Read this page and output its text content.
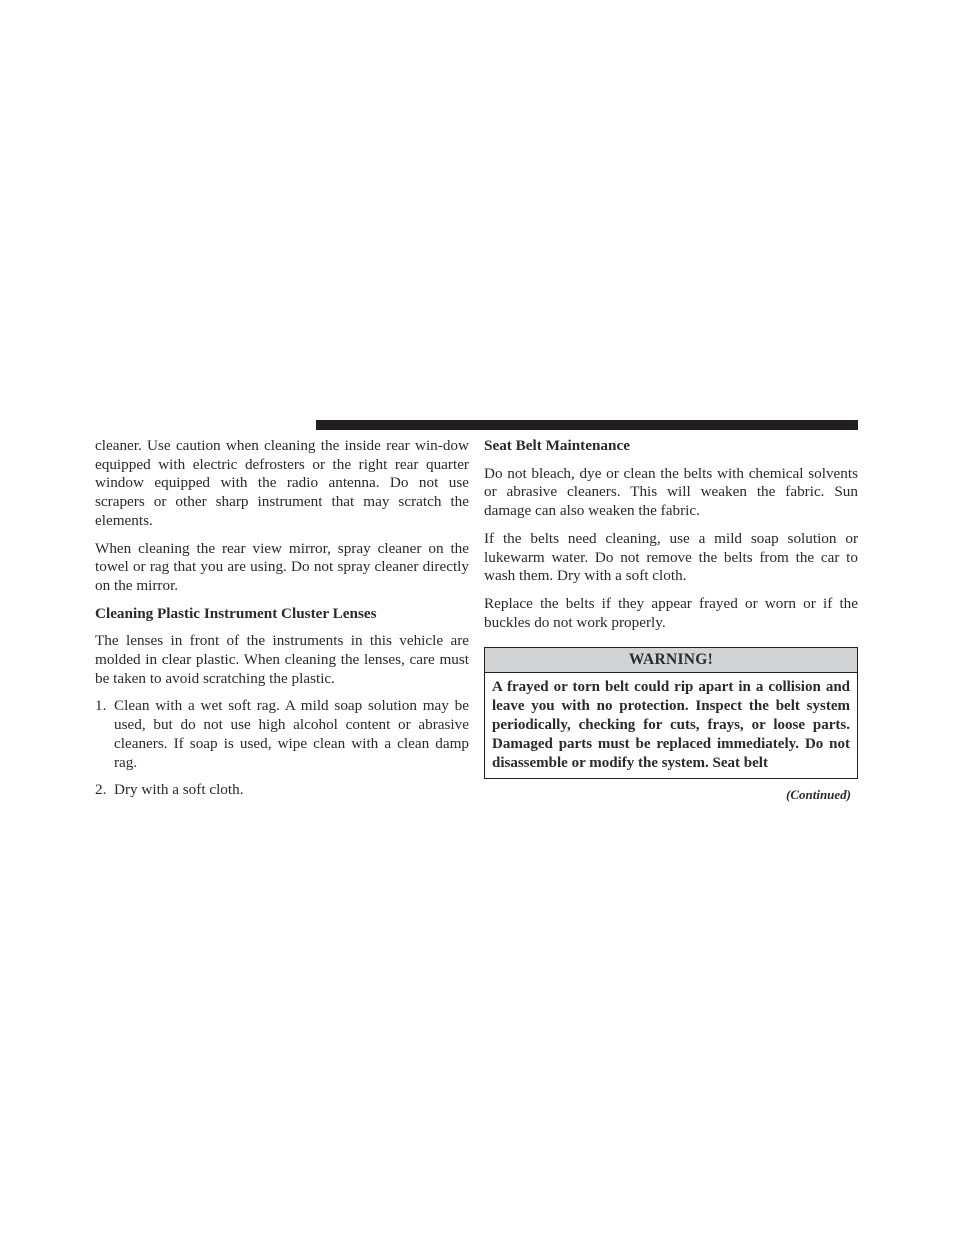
cleaner. Use caution when cleaning the inside rear win-dow equipped with electric defrosters or the right rear quarter window equipped with the radio antenna. Do not use scrapers or other sharp instrument that may scratch the elements.

When cleaning the rear view mirror, spray cleaner on the towel or rag that you are using. Do not spray cleaner directly on the mirror.

Cleaning Plastic Instrument Cluster Lenses

The lenses in front of the instruments in this vehicle are molded in clear plastic. When cleaning the lenses, care must be taken to avoid scratching the plastic.

1. Clean with a wet soft rag. A mild soap solution may be used, but do not use high alcohol content or abrasive cleaners. If soap is used, wipe clean with a clean damp rag.
2. Dry with a soft cloth.
Seat Belt Maintenance

Do not bleach, dye or clean the belts with chemical solvents or abrasive cleaners. This will weaken the fabric. Sun damage can also weaken the fabric.

If the belts need cleaning, use a mild soap solution or lukewarm water. Do not remove the belts from the car to wash them. Dry with a soft cloth.

Replace the belts if they appear frayed or worn or if the buckles do not work properly.

WARNING!
A frayed or torn belt could rip apart in a collision and leave you with no protection. Inspect the belt system periodically, checking for cuts, frays, or loose parts. Damaged parts must be replaced immediately. Do not disassemble or modify the system. Seat belt
(Continued)
